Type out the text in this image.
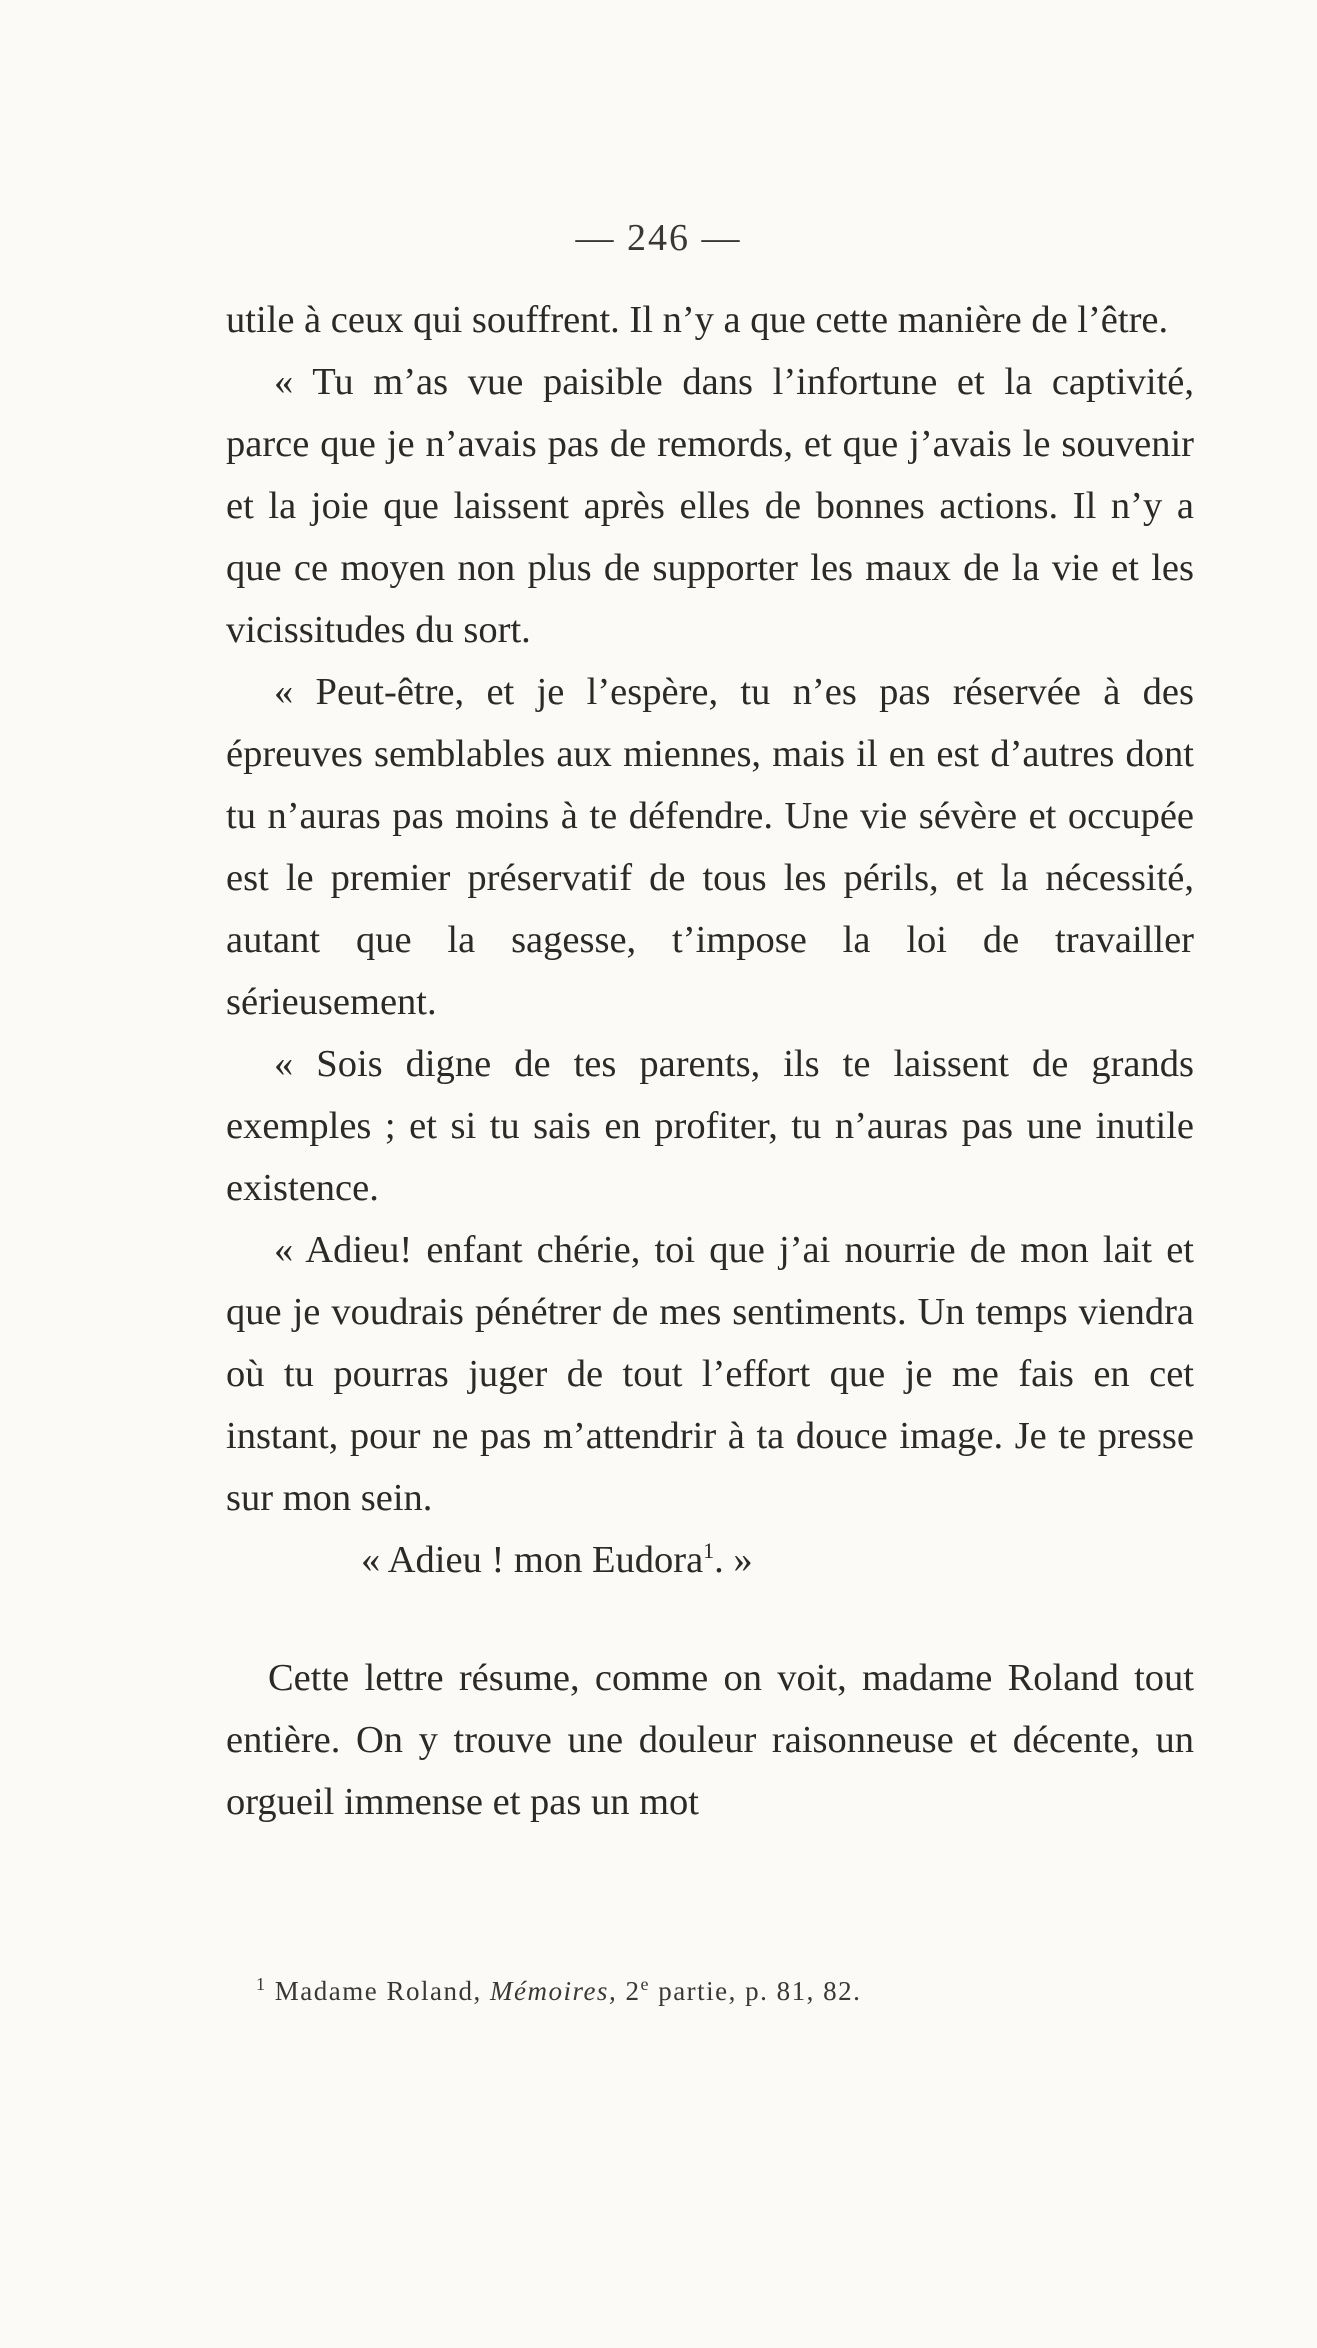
— 246 —

utile à ceux qui souffrent. Il n’y a que cette manière de l’être.

« Tu m’as vue paisible dans l’infortune et la captivité, parce que je n’avais pas de remords, et que j’avais le souvenir et la joie que laissent après elles de bonnes actions. Il n’y a que ce moyen non plus de supporter les maux de la vie et les vicissitudes du sort.

« Peut-être, et je l’espère, tu n’es pas réservée à des épreuves semblables aux miennes, mais il en est d’autres dont tu n’auras pas moins à te défendre. Une vie sévère et occupée est le premier préservatif de tous les périls, et la nécessité, autant que la sagesse, t’impose la loi de travailler sérieusement.

« Sois digne de tes parents, ils te laissent de grands exemples ; et si tu sais en profiter, tu n’auras pas une inutile existence.

« Adieu! enfant chérie, toi que j’ai nourrie de mon lait et que je voudrais pénétrer de mes sentiments. Un temps viendra où tu pourras juger de tout l’effort que je me fais en cet instant, pour ne pas m’attendrir à ta douce image. Je te presse sur mon sein.

« Adieu ! mon Eudora$^1$. »

Cette lettre résume, comme on voit, madame Roland tout entière. On y trouve une douleur raisonneuse et décente, un orgueil immense et pas un mot

$^1$ Madame Roland, Mémoires, 2e partie, p. 81, 82.
